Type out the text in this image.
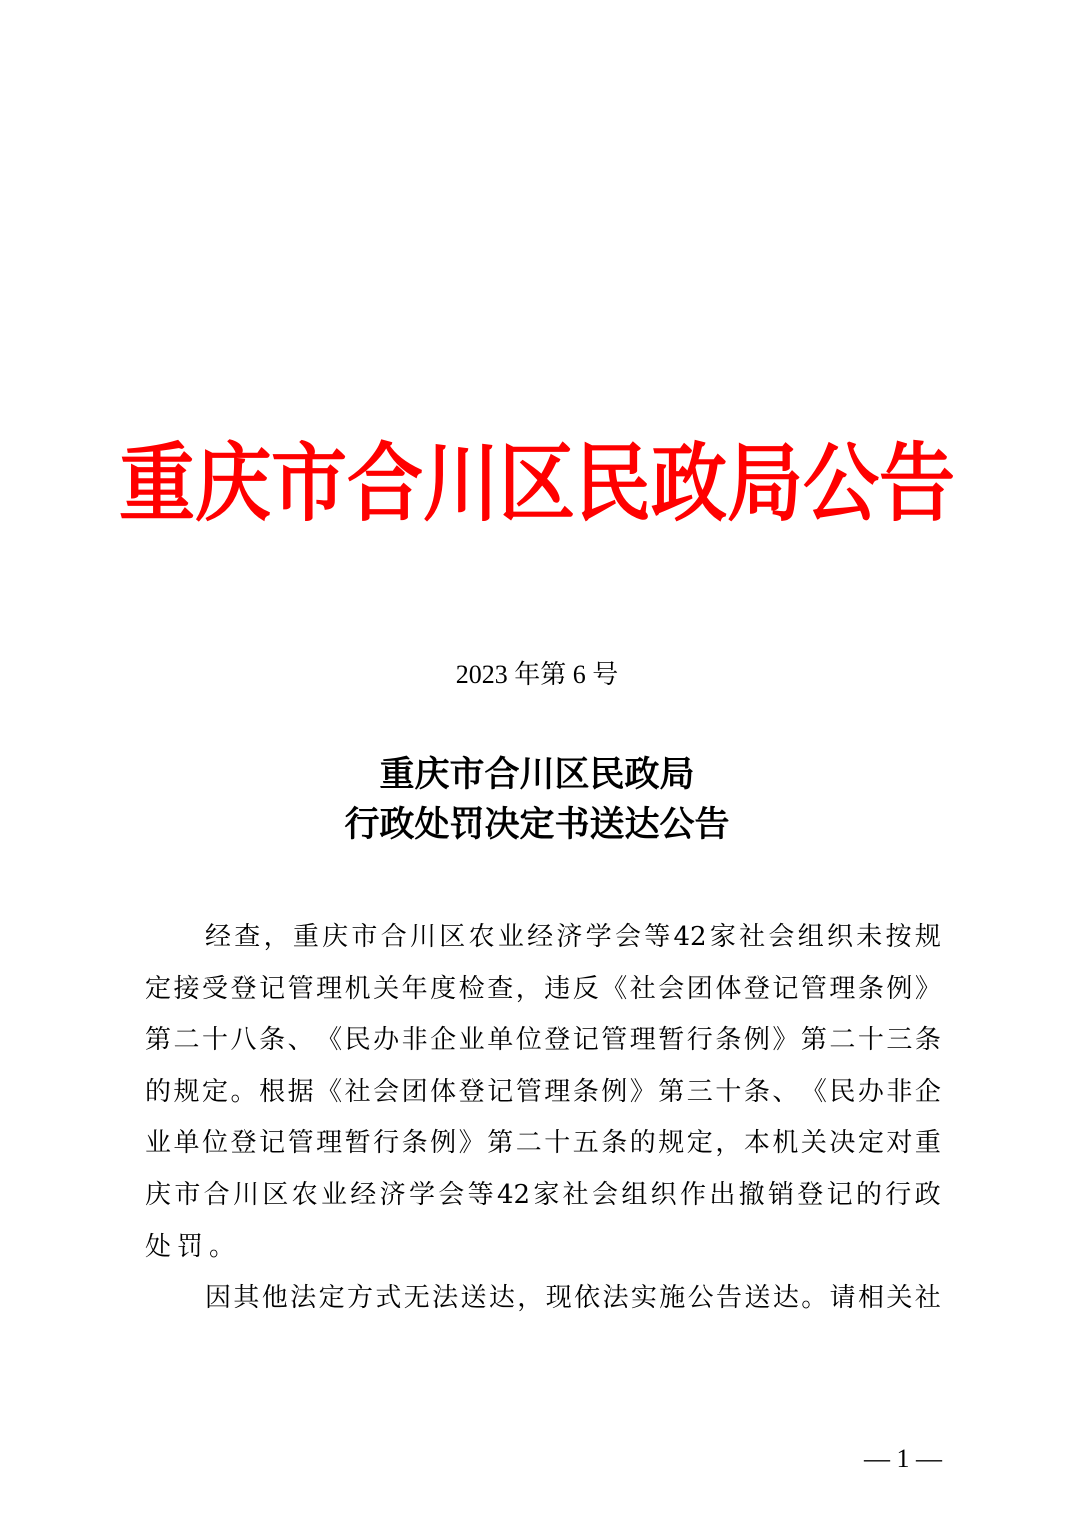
重庆市合川区民政局公告
2023 年第 6 号
重庆市合川区民政局
行政处罚决定书送达公告
经 查 ， 重 庆 市 合 川 区 农 业 经 济 学 会 等 42 家 社 会 组 织 未 按 规
定 接 受 登 记 管 理 机 关 年 度 检 查 ， 违 反 《 社 会 团 体 登 记 管 理 条 例 》
第 二 十 八 条 、 《 民 办 非 企 业 单 位 登 记 管 理 暂 行 条 例 》 第 二 十 三 条
的 规 定 。 根 据 《 社 会 团 体 登 记 管 理 条 例 》 第 三 十 条 、 《 民 办 非 企
业 单 位 登 记 管 理 暂 行 条 例 》 第 二 十 五 条 的 规 定 ， 本 机 关 决 定 对 重
庆 市 合 川 区 农 业 经 济 学 会 等 42 家 社 会 组 织 作 出 撤 销 登 记 的 行 政
处 罚 。
因 其 他 法 定 方 式 无 法 送 达 ， 现 依 法 实 施 公 告 送 达 。 请 相 关 社
— 1 —
